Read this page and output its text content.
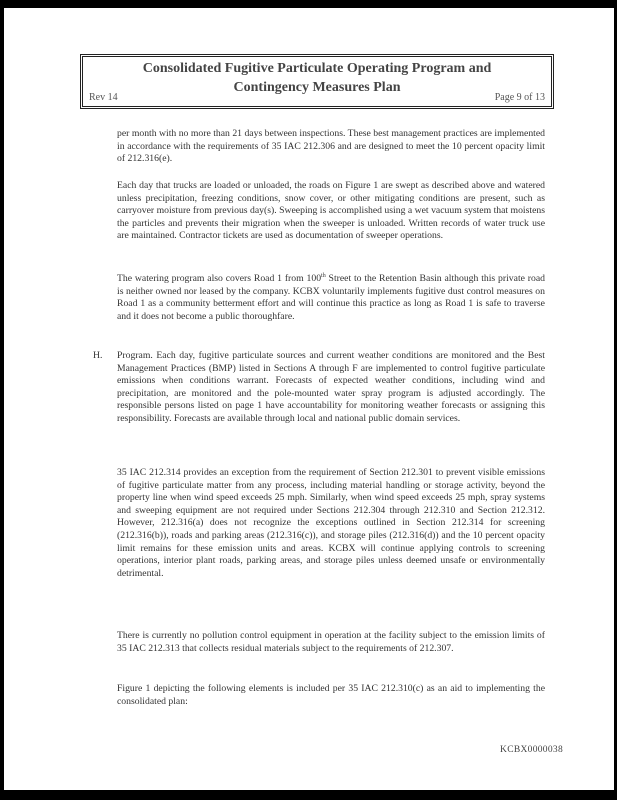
Consolidated Fugitive Particulate Operating Program and
Contingency Measures Plan
Rev 14	Page 9 of 13
per month with no more than 21 days between inspections. These best management practices are implemented in accordance with the requirements of 35 IAC 212.306 and are designed to meet the 10 percent opacity limit of 212.316(e).
Each day that trucks are loaded or unloaded, the roads on Figure 1 are swept as described above and watered unless precipitation, freezing conditions, snow cover, or other mitigating conditions are present, such as carryover moisture from previous day(s). Sweeping is accomplished using a wet vacuum system that moistens the particles and prevents their migration when the sweeper is unloaded. Written records of water truck use are maintained. Contractor tickets are used as documentation of sweeper operations.
The watering program also covers Road 1 from 100th Street to the Retention Basin although this private road is neither owned nor leased by the company. KCBX voluntarily implements fugitive dust control measures on Road 1 as a community betterment effort and will continue this practice as long as Road 1 is safe to traverse and it does not become a public thoroughfare.
H. Program. Each day, fugitive particulate sources and current weather conditions are monitored and the Best Management Practices (BMP) listed in Sections A through F are implemented to control fugitive particulate emissions when conditions warrant. Forecasts of expected weather conditions, including wind and precipitation, are monitored and the pole-mounted water spray program is adjusted accordingly. The responsible persons listed on page 1 have accountability for monitoring weather forecasts or assigning this responsibility. Forecasts are available through local and national public domain services.
35 IAC 212.314 provides an exception from the requirement of Section 212.301 to prevent visible emissions of fugitive particulate matter from any process, including material handling or storage activity, beyond the property line when wind speed exceeds 25 mph. Similarly, when wind speed exceeds 25 mph, spray systems and sweeping equipment are not required under Sections 212.304 through 212.310 and Section 212.312. However, 212.316(a) does not recognize the exceptions outlined in Section 212.314 for screening (212.316(b)), roads and parking areas (212.316(c)), and storage piles (212.316(d)) and the 10 percent opacity limit remains for these emission units and areas. KCBX will continue applying controls to screening operations, interior plant roads, parking areas, and storage piles unless deemed unsafe or environmentally detrimental.
There is currently no pollution control equipment in operation at the facility subject to the emission limits of 35 IAC 212.313 that collects residual materials subject to the requirements of 212.307.
Figure 1 depicting the following elements is included per 35 IAC 212.310(c) as an aid to implementing the consolidated plan:
KCBX0000038
